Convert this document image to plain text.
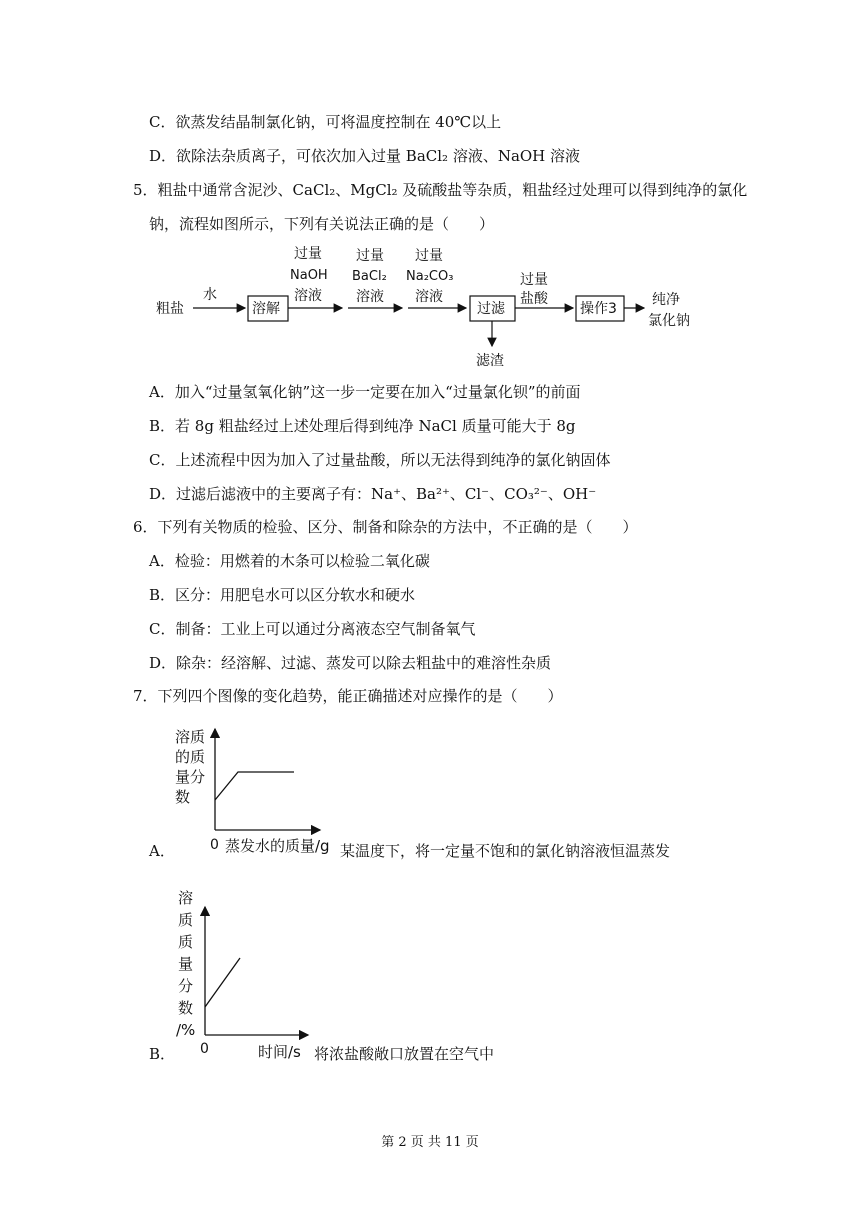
C．欲蒸发结晶制氯化钠，可将温度控制在 40℃以上
D．欲除法杂质离子，可依次加入过量 BaCl₂ 溶液、NaOH 溶液
5．粗盐中通常含泥沙、CaCl₂、MgCl₂ 及硫酸盐等杂质，粗盐经过处理可以得到纯净的氯化
钠，流程如图所示，下列有关说法正确的是（　　）
粗盐
水
溶解
过量
NaOH
溶液
过量
BaCl₂
溶液
过量
Na₂CO₃
溶液
过滤
滤渣
过量
盐酸
操作3
纯净
氯化钠
A．加入“过量氢氧化钠”这一步一定要在加入“过量氯化钡”的前面
B．若 8g 粗盐经过上述处理后得到纯净 NaCl 质量可能大于 8g
C．上述流程中因为加入了过量盐酸，所以无法得到纯净的氯化钠固体
D．过滤后滤液中的主要离子有：Na⁺、Ba²⁺、Cl⁻、CO₃²⁻、OH⁻
6．下列有关物质的检验、区分、制备和除杂的方法中，不正确的是（　　）
A．检验：用燃着的木条可以检验二氧化碳
B．区分：用肥皂水可以区分软水和硬水
C．制备：工业上可以通过分离液态空气制备氧气
D．除杂：经溶解、过滤、蒸发可以除去粗盐中的难溶性杂质
7．下列四个图像的变化趋势，能正确描述对应操作的是（　　）
A．
溶质
的质
量分
数
0 蒸发水的质量/g 某温度下，将一定量不饱和的氯化钠溶液恒温蒸发
B．
溶
质
质
量
分
数
/%
0	时间/s 将浓盐酸敞口放置在空气中
第 2 页 共 11 页
